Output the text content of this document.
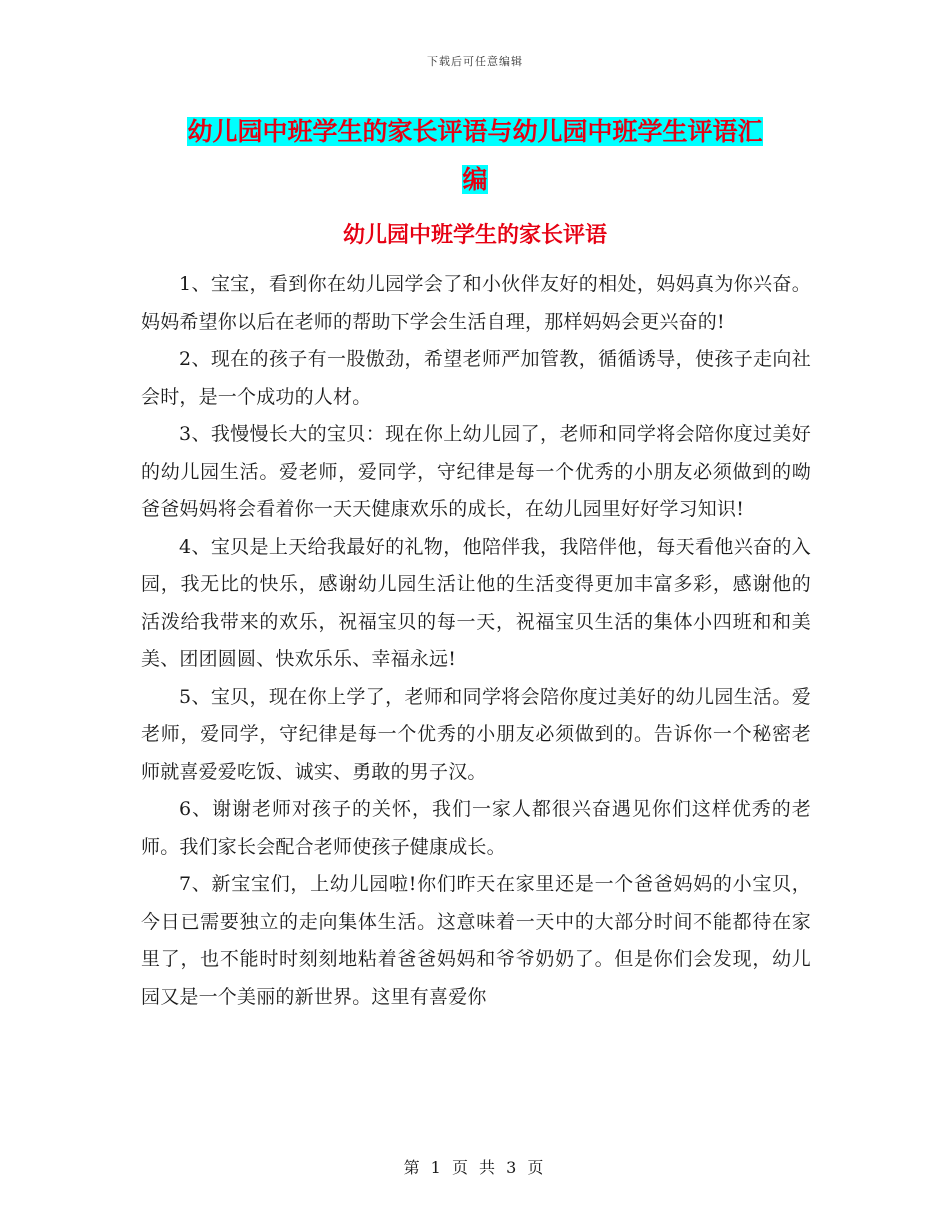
下载后可任意编辑
幼儿园中班学生的家长评语与幼儿园中班学生评语汇
编
幼儿园中班学生的家长评语

1、宝宝，看到你在幼儿园学会了和小伙伴友好的相处，妈妈真为你兴奋。妈妈希望你以后在老师的帮助下学会生活自理，那样妈妈会更兴奋的!

2、现在的孩子有一股傲劲，希望老师严加管教，循循诱导，使孩子走向社会时，是一个成功的人材。

3、我慢慢长大的宝贝：现在你上幼儿园了，老师和同学将会陪你度过美好的幼儿园生活。爱老师，爱同学，守纪律是每一个优秀的小朋友必须做到的呦 爸爸妈妈将会看着你一天天健康欢乐的成长，在幼儿园里好好学习知识!

4、宝贝是上天给我最好的礼物，他陪伴我，我陪伴他，每天看他兴奋的入园，我无比的快乐，感谢幼儿园生活让他的生活变得更加丰富多彩，感谢他的活泼给我带来的欢乐，祝福宝贝的每一天，祝福宝贝生活的集体小四班和和美美、团团圆圆、快欢乐乐、幸福永远!

5、宝贝，现在你上学了，老师和同学将会陪你度过美好的幼儿园生活。爱老师，爱同学，守纪律是每一个优秀的小朋友必须做到的。告诉你一个秘密老师就喜爱爱吃饭、诚实、勇敢的男子汉。

6、谢谢老师对孩子的关怀，我们一家人都很兴奋遇见你们这样优秀的老师。我们家长会配合老师使孩子健康成长。

7、新宝宝们，上幼儿园啦!你们昨天在家里还是一个爸爸妈妈的小宝贝，今日已需要独立的走向集体生活。这意味着一天中的大部分时间不能都待在家里了，也不能时时刻刻地粘着爸爸妈妈和爷爷奶奶了。但是你们会发现，幼儿园又是一个美丽的新世界。这里有喜爱你

第 1 页 共 3 页
